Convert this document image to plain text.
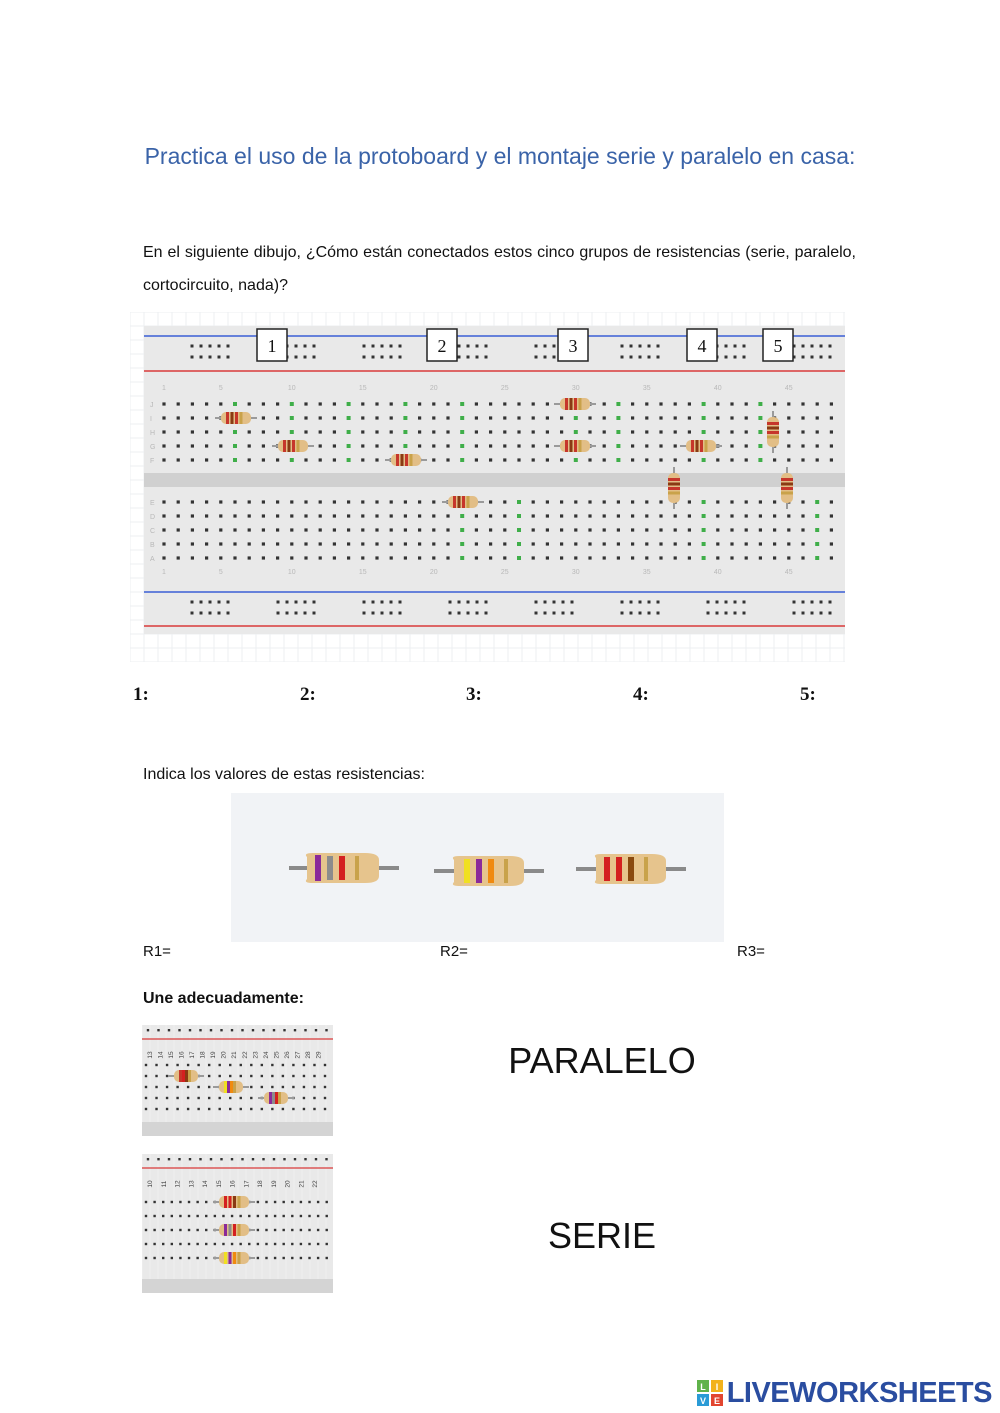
Practica el uso de la protoboard y el montaje serie y paralelo en casa:
En el siguiente dibujo, ¿Cómo están conectados estos cinco grupos de resistencias (serie, paralelo, cortocircuito, nada)?
J
I
H
G
F
E
D
C
B
A
1
1
5
5
10
10
15
15
20
20
25
25
30
30
35
35
40
40
45
45
1	2	3	4	5
1:	2:	3:	4:	5:
Indica los valores de estas resistencias:
R1=	R2=	R3=
Une adecuadamente:
13 14 15 16 17 18 19 20 21 22 23 24 25 26 27 28 29
10 11 12 13 14 15 16 17 18 19 20 21 22
PARALELO
SERIE
L I
V E LIVEWORKSHEETS
